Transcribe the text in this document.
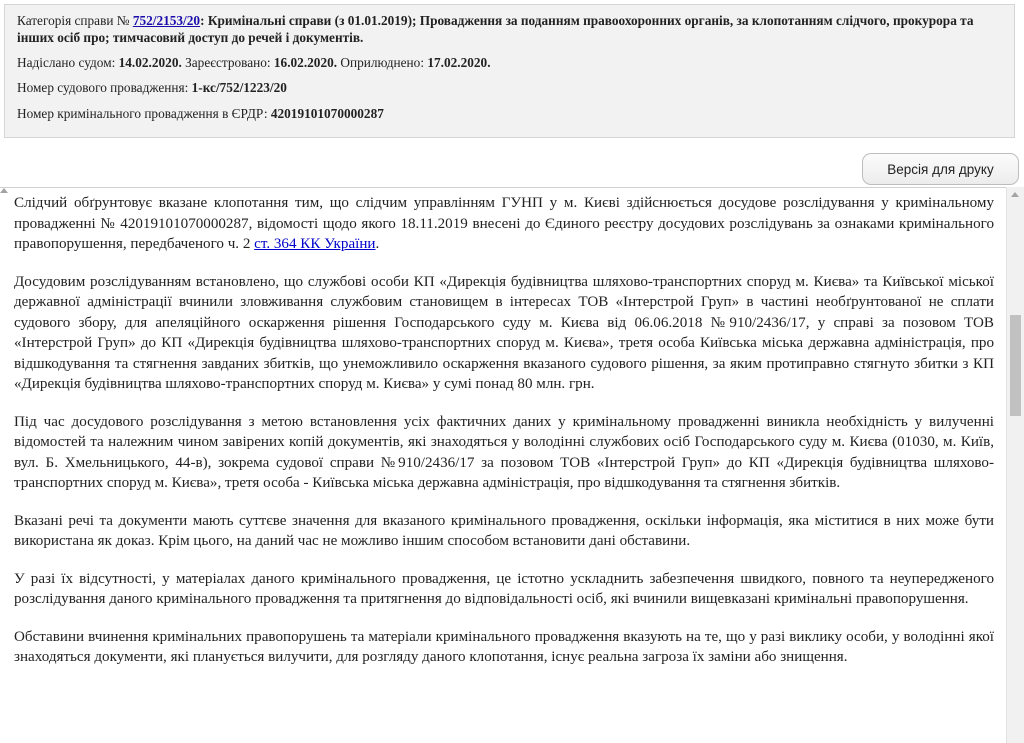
Категорія справи № 752/2153/20: Кримінальні справи (з 01.01.2019); Провадження за поданням правоохоронних органів, за клопотанням слідчого, прокурора та інших осіб про; тимчасовий доступ до речей і документів.
Надіслано судом: 14.02.2020. Зареєстровано: 16.02.2020. Оприлюднено: 17.02.2020.
Номер судового провадження: 1-кс/752/1223/20
Номер кримінального провадження в ЄРДР: 42019101070000287
Версія для друку

Слідчий обґрунтовує вказане клопотання тим, що слідчим управлінням ГУНП у м. Києві здійснюється досудове розслідування у кримінальному провадженні № 42019101070000287, відомості щодо якого 18.11.2019 внесені до Єдиного реєстру досудових розслідувань за ознаками кримінального правопорушення, передбаченого ч. 2 ст. 364 КК України.

Досудовим розслідуванням встановлено, що службові особи КП «Дирекція будівництва шляхово-транспортних споруд м. Києва» та Київської міської державної адміністрації вчинили зловживання службовим становищем в інтересах ТОВ «Інтерстрой Груп» в частині необґрунтованої не сплати судового збору, для апеляційного оскарження рішення Господарського суду м. Києва від 06.06.2018 №910/2436/17, у справі за позовом ТОВ «Інтерстрой Груп» до КП «Дирекція будівництва шляхово-транспортних споруд м. Києва», третя особа Київська міська державна адміністрація, про відшкодування та стягнення завданих збитків, що унеможливило оскарження вказаного судового рішення, за яким протиправно стягнуто збитки з КП «Дирекція будівництва шляхово-транспортних споруд м. Києва» у сумі понад 80 млн. грн.

Під час досудового розслідування з метою встановлення усіх фактичних даних у кримінальному провадженні виникла необхідність у вилученні відомостей та належним чином завірених копій документів, які знаходяться у володінні службових осіб Господарського суду м. Києва (01030, м. Київ, вул. Б. Хмельницького, 44-в), зокрема судової справи №910/2436/17 за позовом ТОВ «Інтерстрой Груп» до КП «Дирекція будівництва шляхово-транспортних споруд м. Києва», третя особа - Київська міська державна адміністрація, про відшкодування та стягнення збитків.

Вказані речі та документи мають суттєве значення для вказаного кримінального провадження, оскільки інформація, яка міститися в них може бути використана як доказ. Крім цього, на даний час не можливо іншим способом встановити дані обставини.

У разі їх відсутності, у матеріалах даного кримінального провадження, це істотно ускладнить забезпечення швидкого, повного та неупередженого розслідування даного кримінального провадження та притягнення до відповідальності осіб, які вчинили вищевказані кримінальні правопорушення.

Обставини вчинення кримінальних правопорушень та матеріали кримінального провадження вказують на те, що у разі виклику особи, у володінні якої знаходяться документи, які планується вилучити, для розгляду даного клопотання, існує реальна загроза їх заміни або знищення.
